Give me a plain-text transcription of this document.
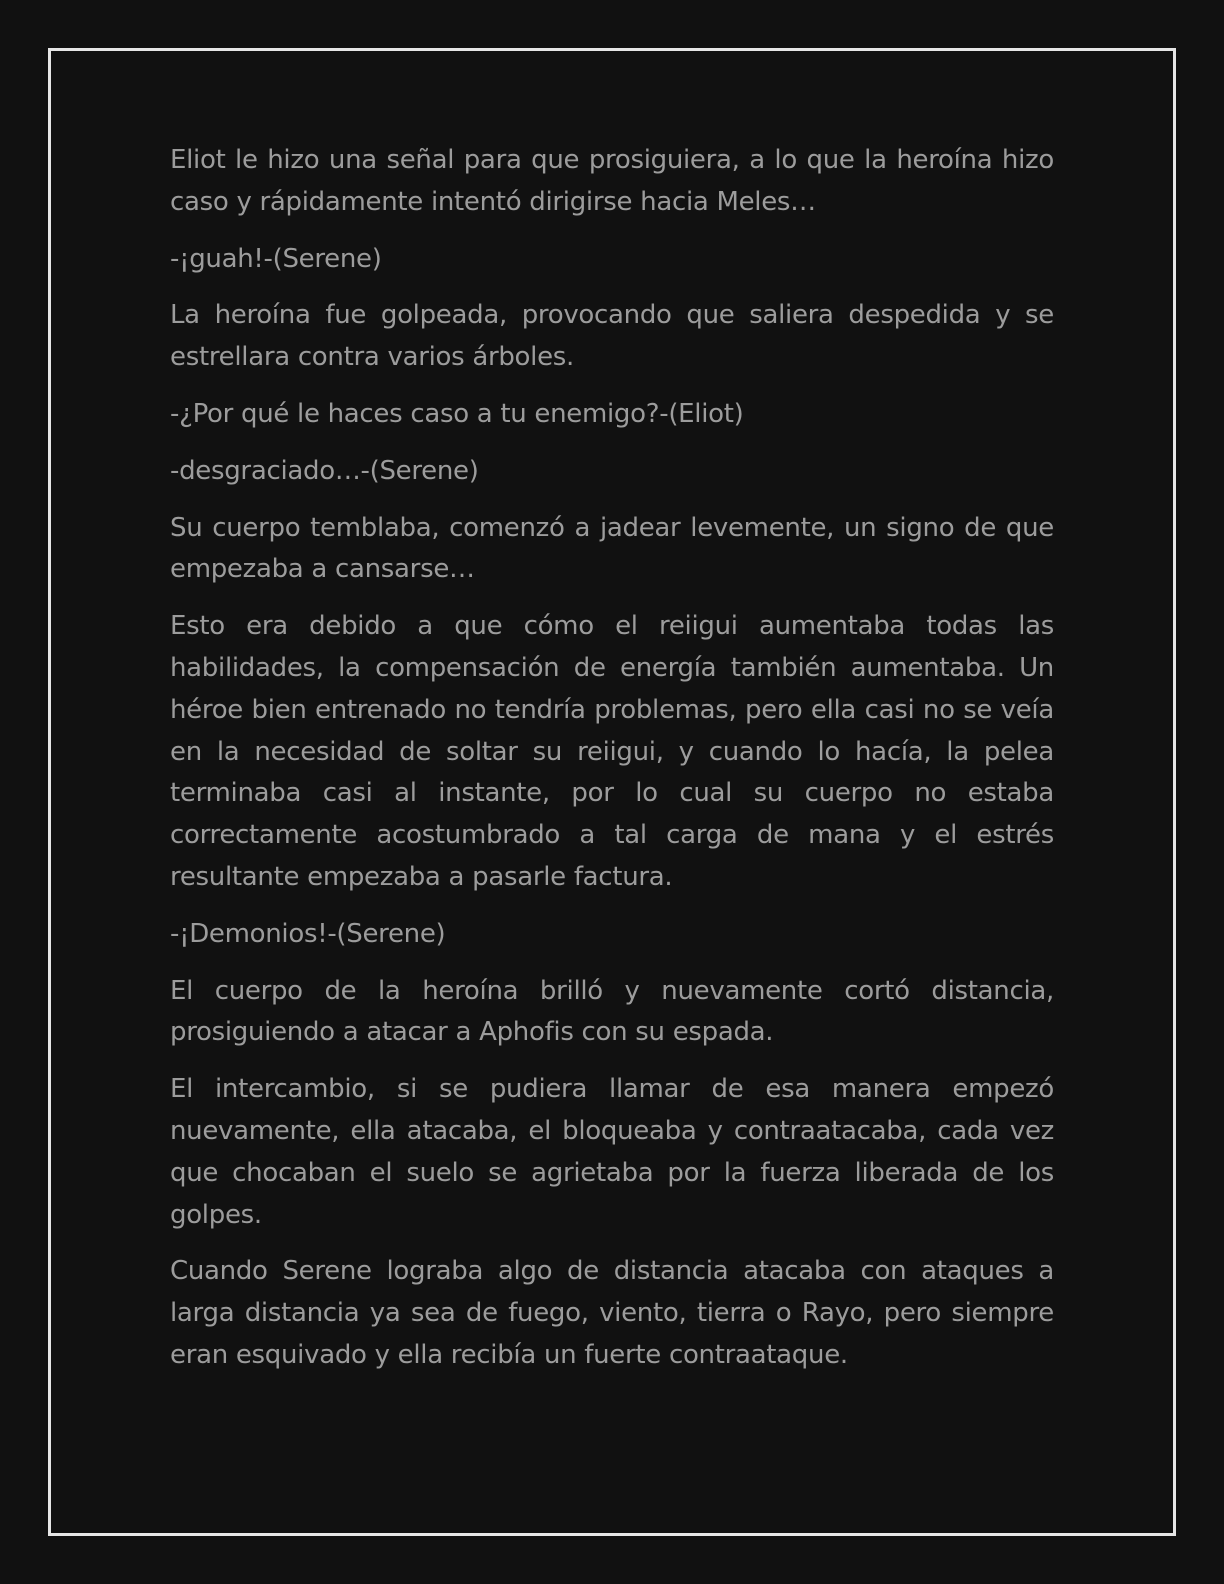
Eliot le hizo una señal para que prosiguiera, a lo que la heroína hizo caso y rápidamente intentó dirigirse hacia Meles…

-¡guah!-(Serene)

La heroína fue golpeada, provocando que saliera despedida y se estrellara contra varios árboles.

-¿Por qué le haces caso a tu enemigo?-(Eliot)

-desgraciado…-(Serene)

Su cuerpo temblaba, comenzó a jadear levemente, un signo de que empezaba a cansarse…

Esto era debido a que cómo el reiigui aumentaba todas las habilidades, la compensación de energía también aumentaba. Un héroe bien entrenado no tendría problemas, pero ella casi no se veía en la necesidad de soltar su reiigui, y cuando lo hacía, la pelea terminaba casi al instante, por lo cual su cuerpo no estaba correctamente acostumbrado a tal carga de mana y el estrés resultante empezaba a pasarle factura.

-¡Demonios!-(Serene)

El cuerpo de la heroína brilló y nuevamente cortó distancia, prosiguiendo a atacar a Aphofis con su espada.

El intercambio, si se pudiera llamar de esa manera empezó nuevamente, ella atacaba, el bloqueaba y contraatacaba, cada vez que chocaban el suelo se agrietaba por la fuerza liberada de los golpes.

Cuando Serene lograba algo de distancia atacaba con ataques a larga distancia ya sea de fuego, viento, tierra o Rayo, pero siempre eran esquivado y ella recibía un fuerte contraataque.
